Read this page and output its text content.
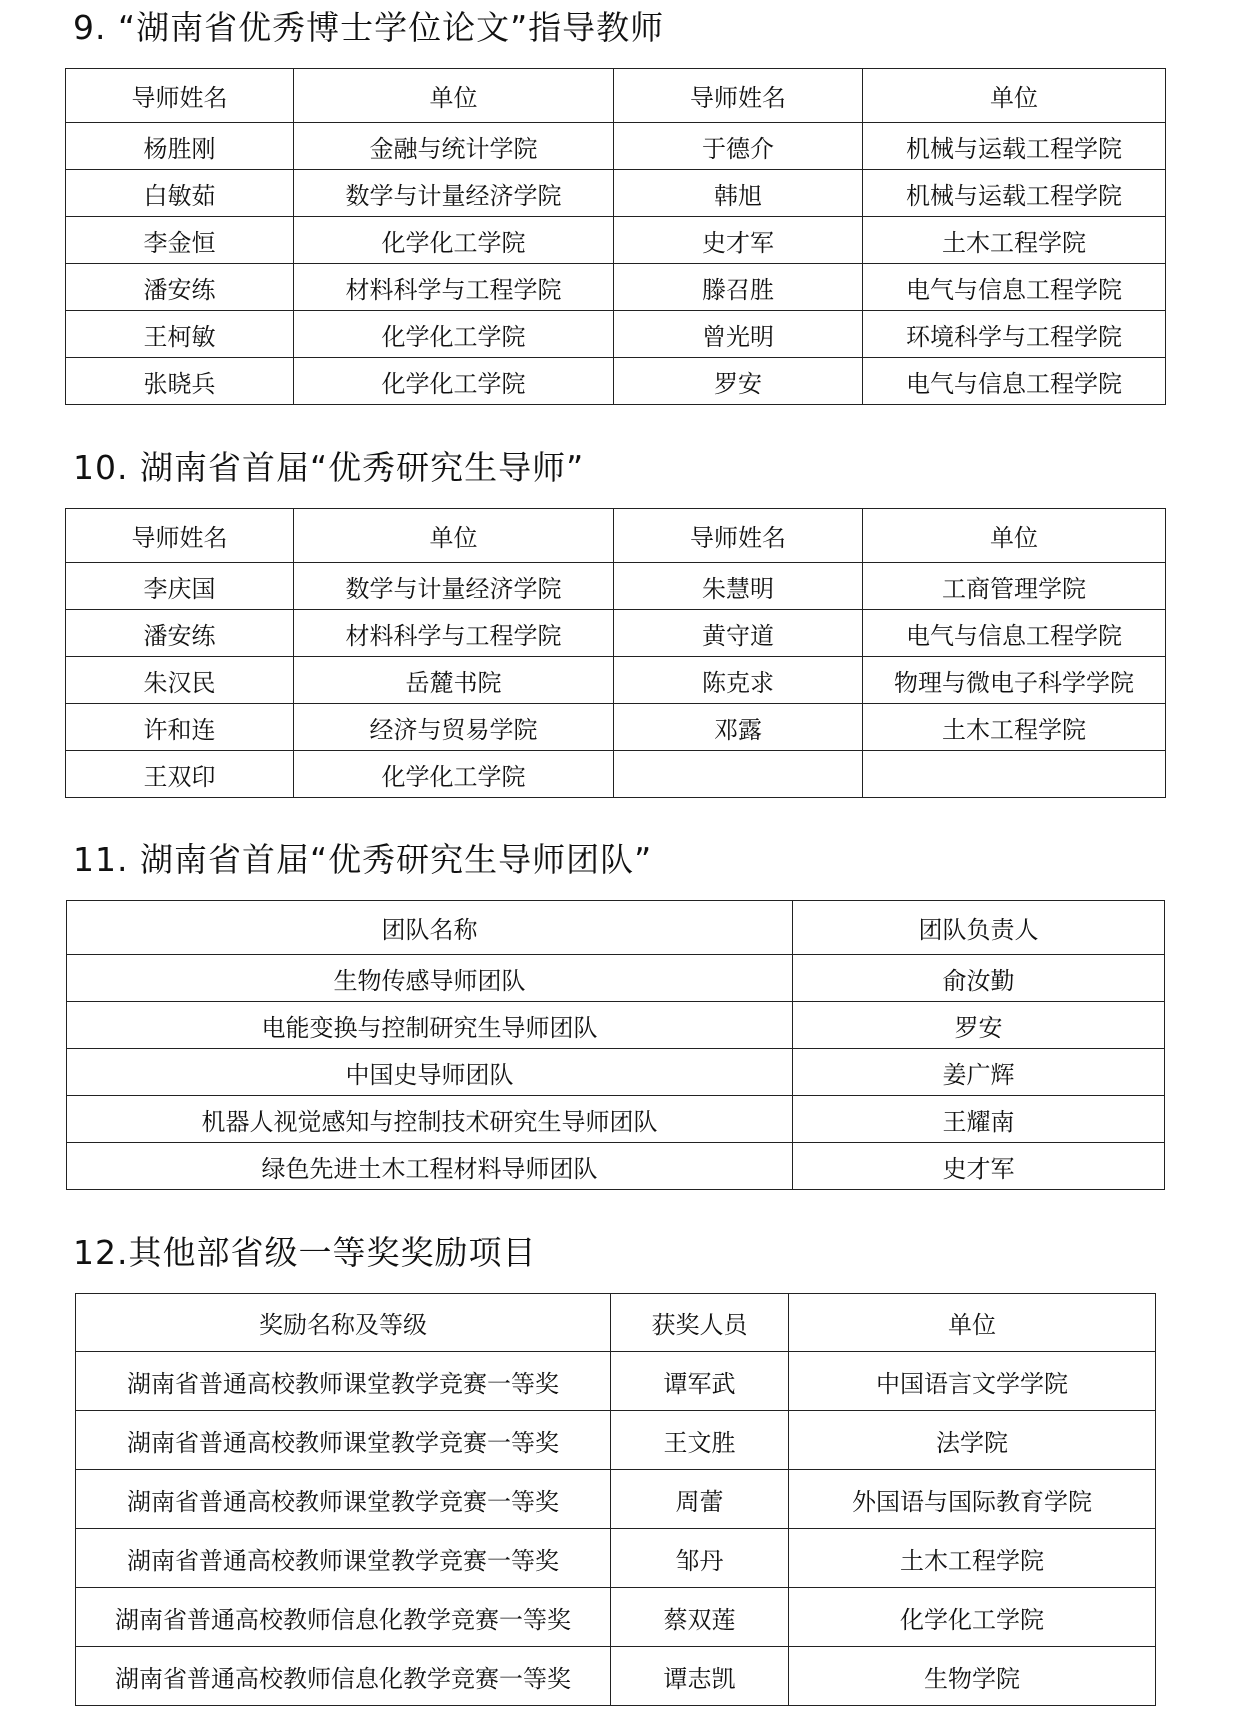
9. “湖南省优秀博士学位论文”指导教师
导师姓名	单位	导师姓名	单位
杨胜刚	金融与统计学院	于德介	机械与运载工程学院
白敏茹	数学与计量经济学院	韩旭	机械与运载工程学院
李金恒	化学化工学院	史才军	土木工程学院
潘安练	材料科学与工程学院	滕召胜	电气与信息工程学院
王柯敏	化学化工学院	曾光明	环境科学与工程学院
张晓兵	化学化工学院	罗安	电气与信息工程学院
10. 湖南省首届“优秀研究生导师”
导师姓名	单位	导师姓名	单位
李庆国	数学与计量经济学院	朱慧明	工商管理学院
潘安练	材料科学与工程学院	黄守道	电气与信息工程学院
朱汉民	岳麓书院	陈克求	物理与微电子科学学院
许和连	经济与贸易学院	邓露	土木工程学院
王双印	化学化工学院		
11. 湖南省首届“优秀研究生导师团队”
团队名称	团队负责人
生物传感导师团队	俞汝勤
电能变换与控制研究生导师团队	罗安
中国史导师团队	姜广辉
机器人视觉感知与控制技术研究生导师团队	王耀南
绿色先进土木工程材料导师团队	史才军
12.其他部省级一等奖奖励项目
奖励名称及等级	获奖人员	单位
湖南省普通高校教师课堂教学竞赛一等奖	谭军武	中国语言文学学院
湖南省普通高校教师课堂教学竞赛一等奖	王文胜	法学院
湖南省普通高校教师课堂教学竞赛一等奖	周蕾	外国语与国际教育学院
湖南省普通高校教师课堂教学竞赛一等奖	邹丹	土木工程学院
湖南省普通高校教师信息化教学竞赛一等奖	蔡双莲	化学化工学院
湖南省普通高校教师信息化教学竞赛一等奖	谭志凯	生物学院
